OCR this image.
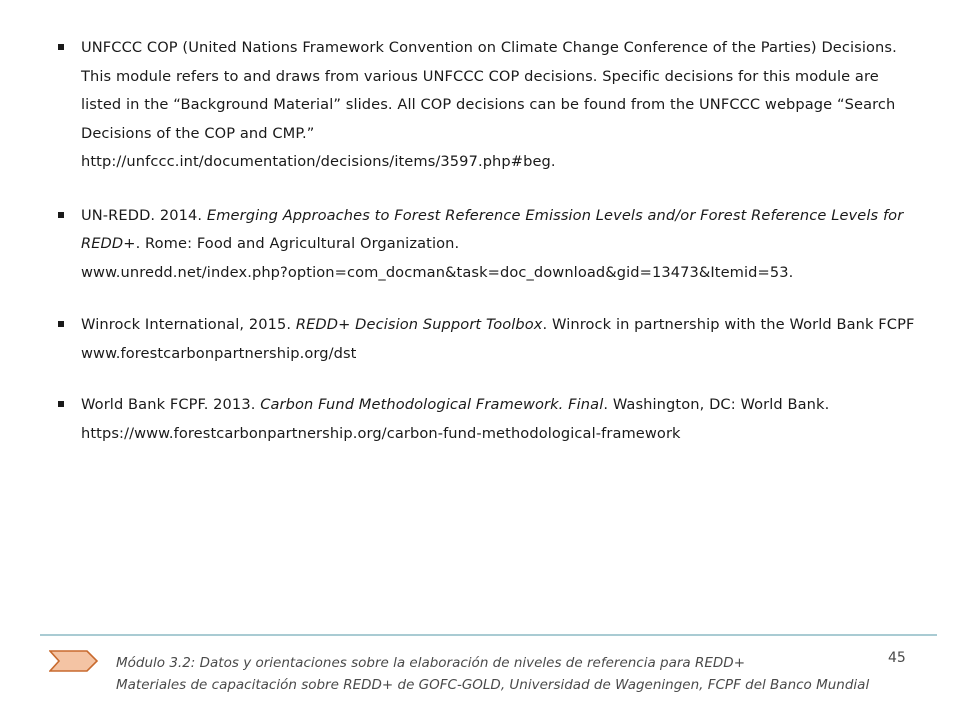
UNFCCC COP (United Nations Framework Convention on Climate Change Conference of the Parties) Decisions. This module refers to and draws from various UNFCCC COP decisions. Specific decisions for this module are listed in the “Background Material” slides. All COP decisions can be found from the UNFCCC webpage “Search Decisions of the COP and CMP.”
http://unfccc.int/documentation/decisions/items/3597.php#beg.
UN-REDD. 2014. Emerging Approaches to Forest Reference Emission Levels and/or Forest Reference Levels for REDD+. Rome: Food and Agricultural Organization.
www.unredd.net/index.php?option=com_docman&task=doc_download&gid=13473&Itemid=53.
Winrock International, 2015. REDD+ Decision Support Toolbox. Winrock in partnership with the World Bank FCPF www.forestcarbonpartnership.org/dst
World Bank FCPF. 2013. Carbon Fund Methodological Framework. Final. Washington, DC: World Bank.
https://www.forestcarbonpartnership.org/carbon-fund-methodological-framework
Módulo 3.2: Datos y orientaciones sobre la elaboración de niveles de referencia para REDD+
Materiales de capacitación sobre REDD+ de GOFC-GOLD, Universidad de Wageningen, FCPF del Banco Mundial
45
